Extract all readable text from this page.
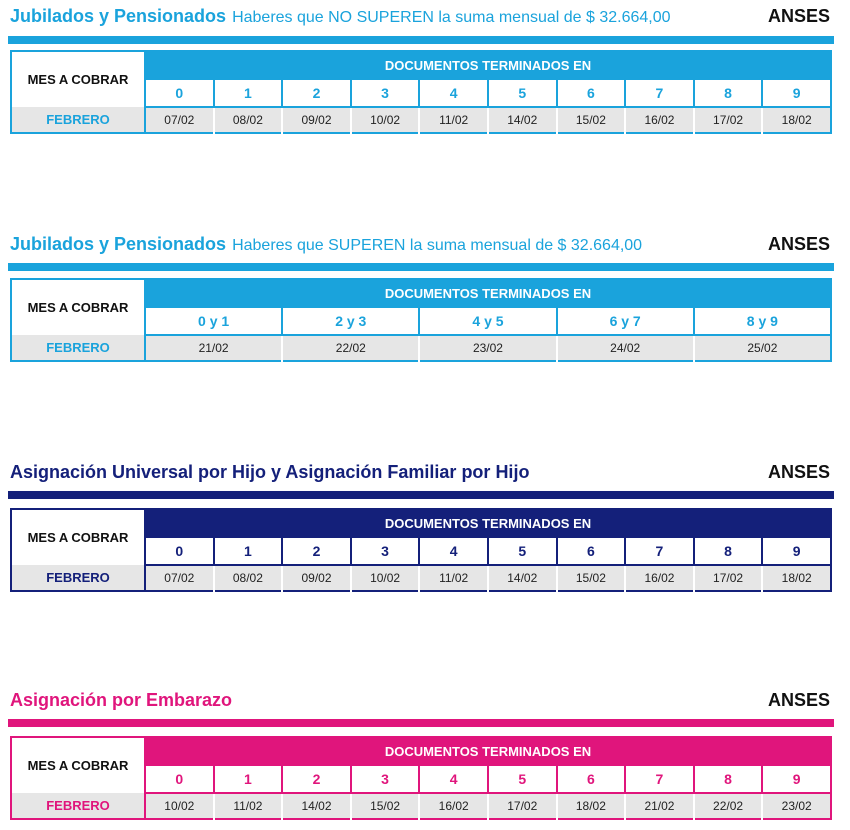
Jubilados y Pensionados Haberes que NO SUPEREN la suma mensual de $ 32.664,00	ANSES
MES A COBRAR	DOCUMENTOS TERMINADOS EN									
	0	1	2	3	4	5	6	7	8	9
FEBRERO	07/02	08/02	09/02	10/02	11/02	14/02	15/02	16/02	17/02	18/02
Jubilados y Pensionados Haberes que SUPEREN la suma mensual de $ 32.664,00	ANSES
MES A COBRAR	DOCUMENTOS TERMINADOS EN				
	0 y 1	2 y 3	4 y 5	6 y 7	8 y 9
FEBRERO	21/02	22/02	23/02	24/02	25/02
Asignación Universal por Hijo y Asignación Familiar por Hijo	ANSES
MES A COBRAR	DOCUMENTOS TERMINADOS EN									
	0	1	2	3	4	5	6	7	8	9
FEBRERO	07/02	08/02	09/02	10/02	11/02	14/02	15/02	16/02	17/02	18/02
Asignación por Embarazo	ANSES
MES A COBRAR	DOCUMENTOS TERMINADOS EN									
	0	1	2	3	4	5	6	7	8	9
FEBRERO	10/02	11/02	14/02	15/02	16/02	17/02	18/02	21/02	22/02	23/02
